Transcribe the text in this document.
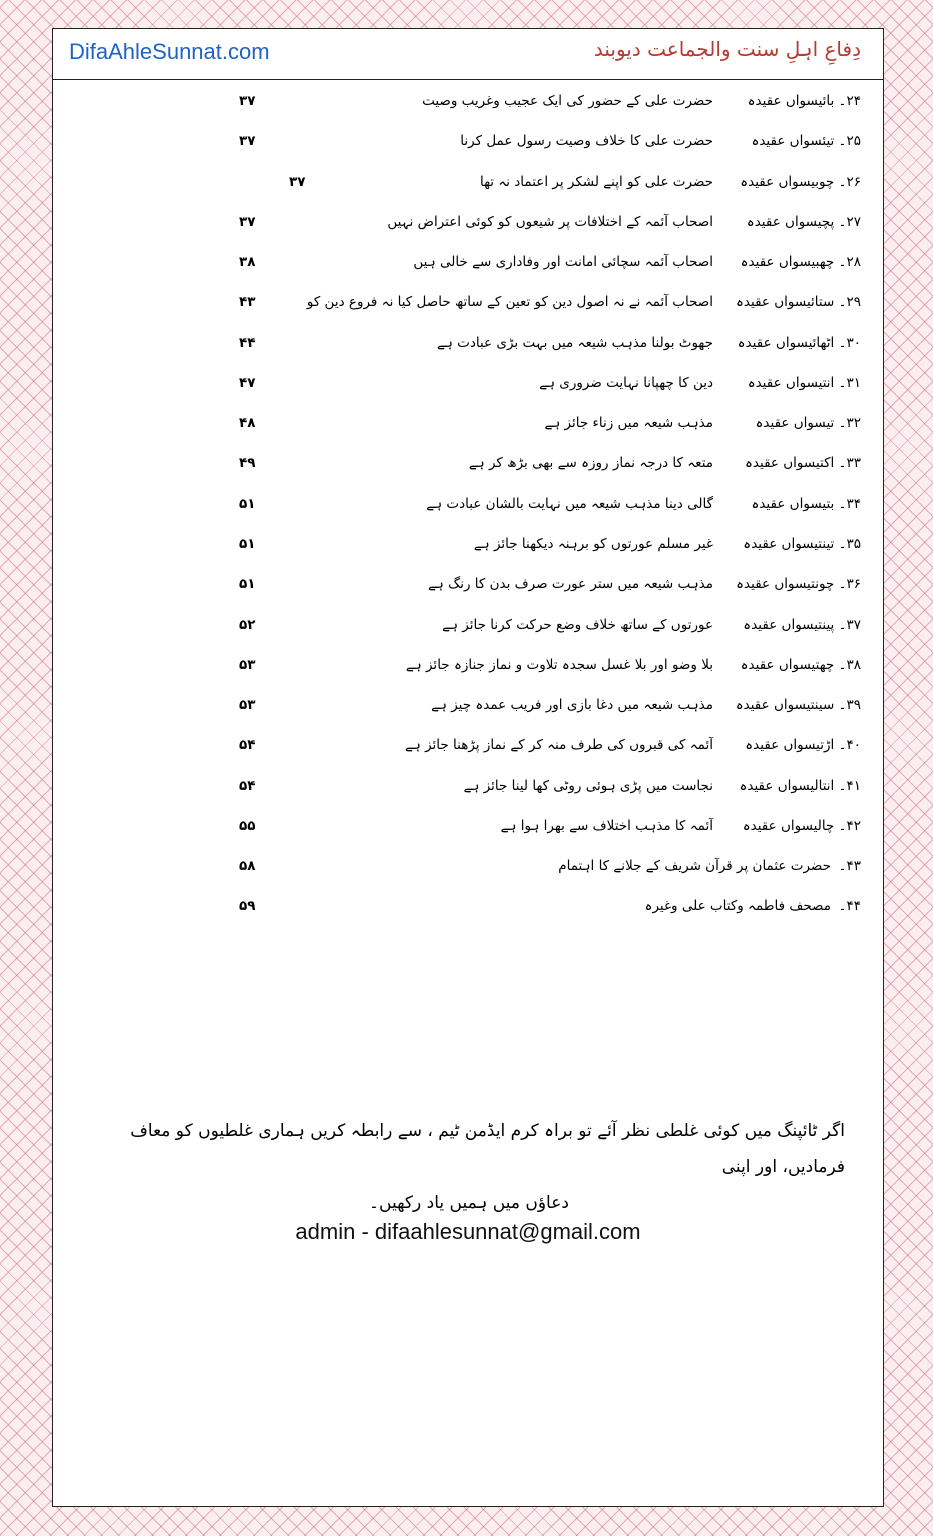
DifaAhleSunnat.com	دِفاعِ اہلِ سنت والجماعت دیوبند
۲۴۔ بائیسواں عقیدہ
حضرت علی کے حضور کی ایک عجیب وغریب وصیت
۳۷
۲۵۔ تیئسواں عقیدہ
حضرت علی کا خلاف وصیت رسول عمل کرنا
۳۷
۲۶۔ چوبیسواں عقیدہ
حضرت علی کو اپنے لشکر پر اعتماد نہ تھا
۳۷
۲۷۔ پچیسواں عقیدہ
اصحاب آئمہ کے اختلافات پر شیعوں کو کوئی اعتراض نہیں
۳۷
۲۸۔ چھبیسواں عقیدہ
اصحاب آئمہ سچائی امانت اور وفاداری سے خالی ہیں
۳۸
۲۹۔ ستائیسواں عقیدہ
اصحاب آئمہ نے نہ اصول دین کو تعین کے ساتھ حاصل کیا نہ فروع دین کو
۴۳
۳۰۔ اٹھائیسواں عقیدہ
جھوٹ بولنا مذہب شیعہ میں بہت بڑی عبادت ہے
۴۴
۳۱۔ انتیسواں عقیدہ
دین کا چھپانا نہایت ضروری ہے
۴۷
۳۲۔ تیسواں عقیدہ
مذہب شیعہ میں زناء جائز ہے
۴۸
۳۳۔ اکتیسواں عقیدہ
متعہ کا درجہ نماز روزہ سے بھی بڑھ کر ہے
۴۹
۳۴۔ بتیسواں عقیدہ
گالی دینا مذہب شیعہ میں نہایت بالشان عبادت ہے
۵۱
۳۵۔ تینتیسواں عقیدہ
غیر مسلم عورتوں کو برہنہ دیکھنا جائز ہے
۵۱
۳۶۔ چونتیسواں عقیدہ
مذہب شیعہ میں ستر عورت صرف بدن کا رنگ ہے
۵۱
۳۷۔ پینتیسواں عقیدہ
عورتوں کے ساتھ خلاف وضع حرکت کرنا جائز ہے
۵۲
۳۸۔ چھتیسواں عقیدہ
بلا وضو اور بلا غسل سجدہ تلاوت و نماز جنازہ جائز ہے
۵۳
۳۹۔ سینتیسواں عقیدہ
مذہب شیعہ میں دغا بازی اور فریب عمدہ چیز ہے
۵۳
۴۰۔ اڑتیسواں عقیدہ
آئمہ کی قبروں کی طرف منہ کر کے نماز پڑھنا جائز ہے
۵۴
۴۱۔ انتالیسواں عقیدہ
نجاست میں پڑی ہوئی روٹی کھا لینا جائز ہے
۵۴
۴۲۔ چالیسواں عقیدہ
آئمہ کا مذہب اختلاف سے بھرا ہوا ہے
۵۵
۴۳۔
حضرت عثمان پر قرآن شریف کے جلانے کا اہتمام
۵۸
۴۴۔
مصحف فاطمہ وکتاب علی وغیرہ
۵۹
اگر ٹائپنگ میں کوئی غلطی نظر آئے تو براہ کرم ایڈمن ٹیم ، سے رابطہ کریں ہماری غلطیوں کو معاف فرمادیں، اور اپنی
دعاؤں میں ہمیں یاد رکھیں۔
admin - difaahlesunnat@gmail.com
